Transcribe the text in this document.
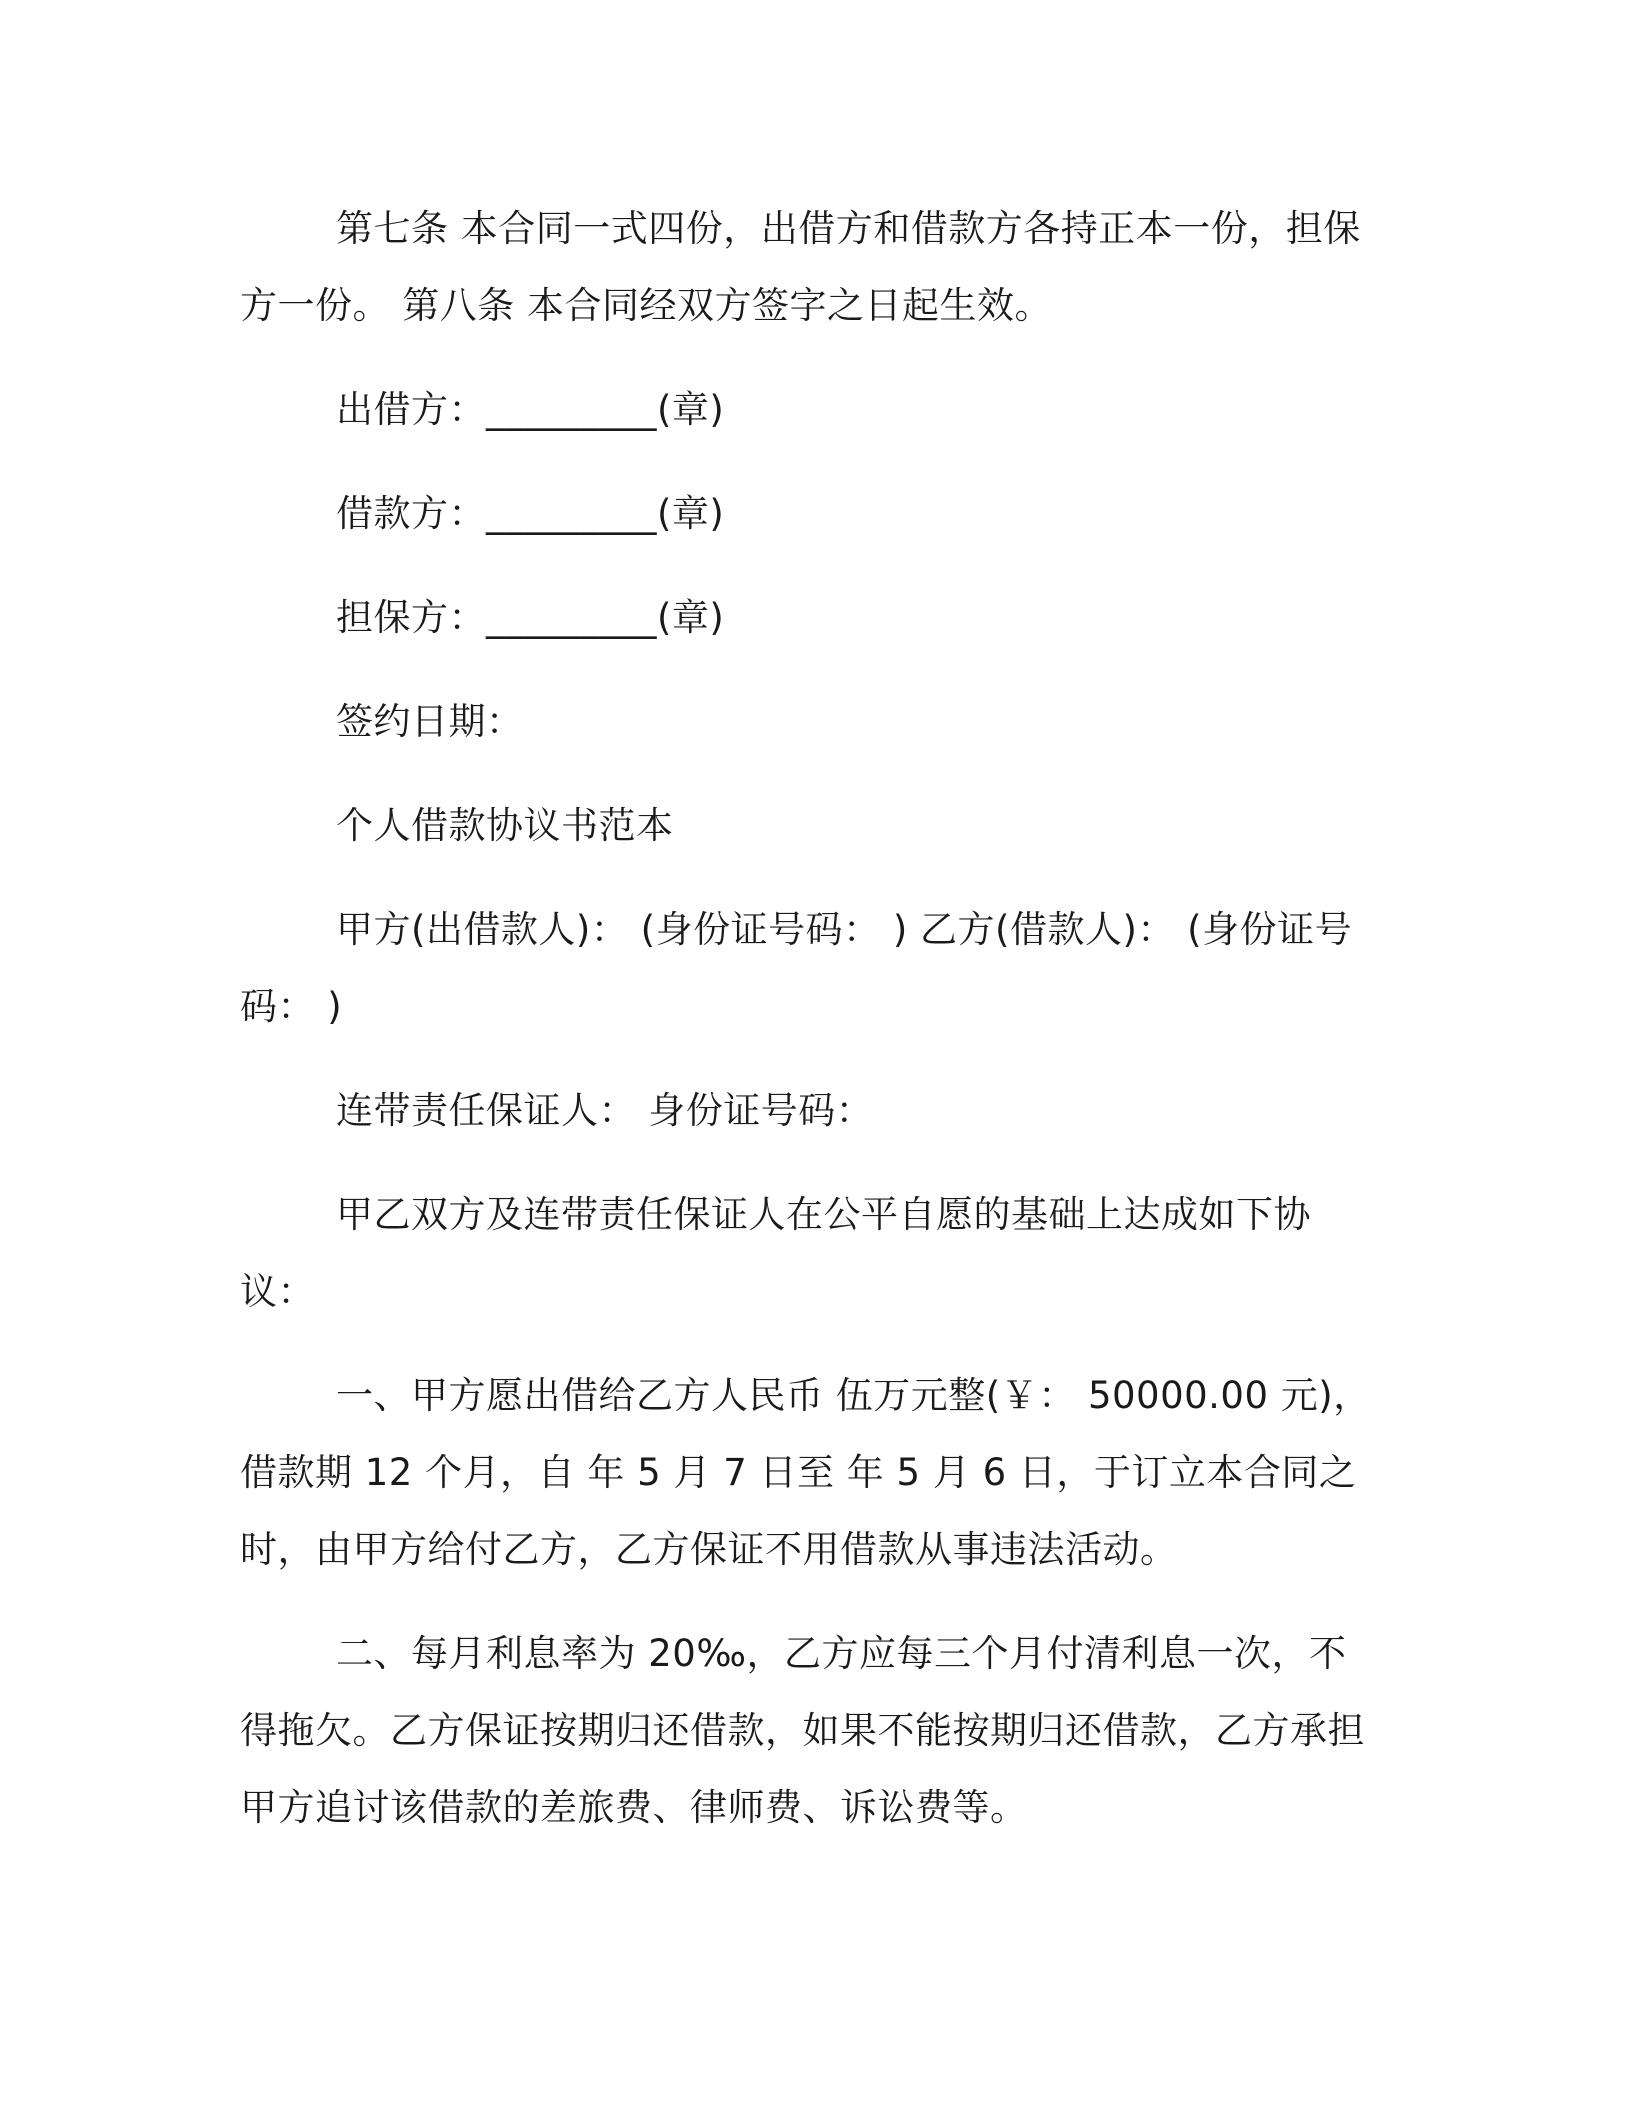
第七条 本合同一式四份，出借方和借款方各持正本一份，担保方一份。 第八条 本合同经双方签字之日起生效。

出借方：_________(章)

借款方：_________(章)

担保方：_________(章)

签约日期：

个人借款协议书范本

甲方(出借款人)： (身份证号码： ) 乙方(借款人)： (身份证号码： )

连带责任保证人： 身份证号码：

甲乙双方及连带责任保证人在公平自愿的基础上达成如下协议：

一、甲方愿出借给乙方人民币 伍万元整(￥： 50000.00 元)，借款期 12 个月，自 年 5 月 7 日至 年 5 月 6 日，于订立本合同之时，由甲方给付乙方，乙方保证不用借款从事违法活动。

二、每月利息率为 20‰，乙方应每三个月付清利息一次，不得拖欠。乙方保证按期归还借款，如果不能按期归还借款，乙方承担甲方追讨该借款的差旅费、律师费、诉讼费等。
